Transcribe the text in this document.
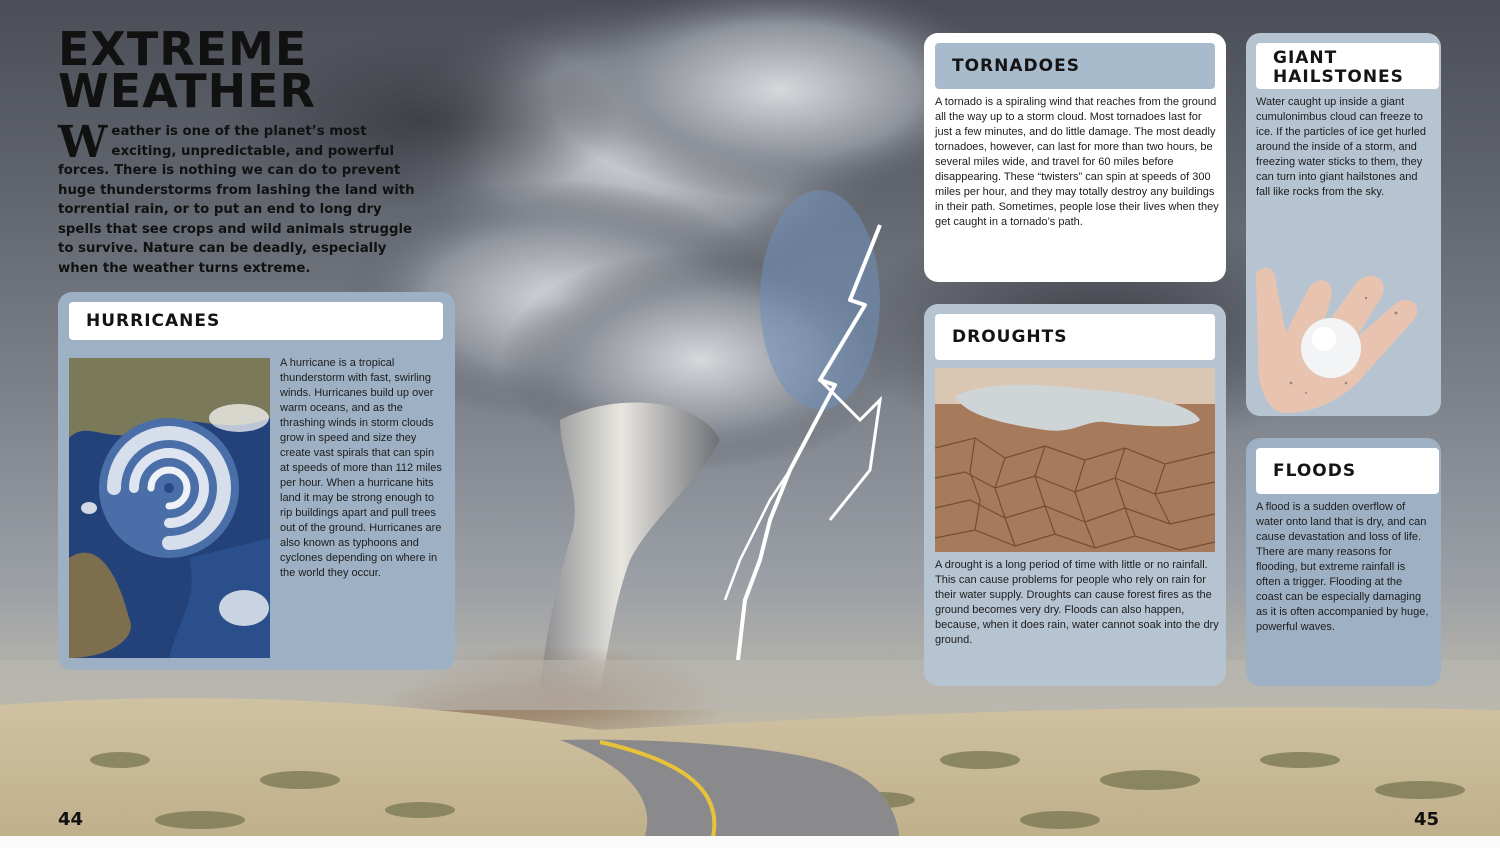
EXTREME
WEATHER

Weather is one of the planet’s most exciting, unpredictable, and powerful forces. There is nothing we can do to prevent huge thunderstorms from lashing the land with torrential rain, or to put an end to long dry spells that see crops and wild animals struggle to survive. Nature can be deadly, especially when the weather turns extreme.

HURRICANES

A hurricane is a tropical thunderstorm with fast, swirling winds. Hurricanes build up over warm oceans, and as the thrashing winds in storm clouds grow in speed and size they create vast spirals that can spin at speeds of more than 112 miles per hour. When a hurricane hits land it may be strong enough to rip buildings apart and pull trees out of the ground. Hurricanes are also known as typhoons and cyclones depending on where in the world they occur.

TORNADOES

A tornado is a spiraling wind that reaches from the ground all the way up to a storm cloud. Most tornadoes last for just a few minutes, and do little damage. The most deadly tornadoes, however, can last for more than two hours, be several miles wide, and travel for 60 miles before disappearing. These “twisters” can spin at speeds of 300 miles per hour, and they may totally destroy any buildings in their path. Sometimes, people lose their lives when they get caught in a tornado’s path.

DROUGHTS

A drought is a long period of time with little or no rainfall. This can cause problems for people who rely on rain for their water supply. Droughts can cause forest fires as the ground becomes very dry. Floods can also happen, because, when it does rain, water cannot soak into the dry ground.

GIANT
HAILSTONES

Water caught up inside a giant cumulonimbus cloud can freeze to ice. If the particles of ice get hurled around the inside of a storm, and freezing water sticks to them, they can turn into giant hailstones and fall like rocks from the sky.

FLOODS

A flood is a sudden overflow of water onto land that is dry, and can cause devastation and loss of life. There are many reasons for flooding, but extreme rainfall is often a trigger. Flooding at the coast can be especially damaging as it is often accompanied by huge, powerful waves.

44	45
